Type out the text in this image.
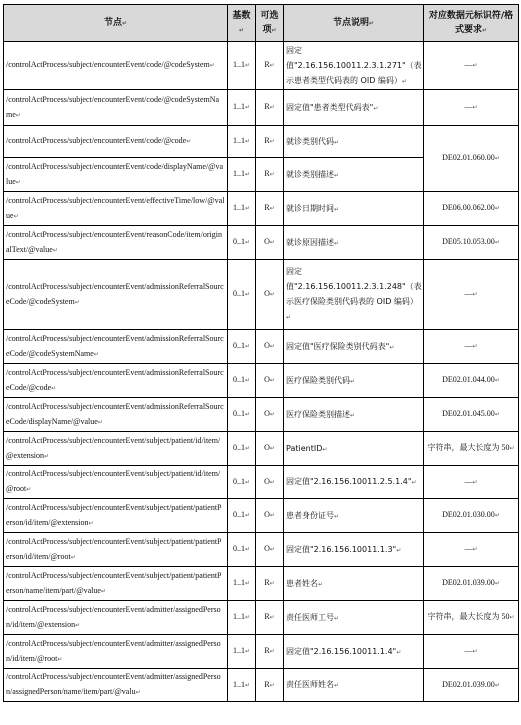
节点↵	基数↵	可选项↵	节点说明↵	对应数据元标识符/格式要求↵
/controlActProcess/subject/encounterEvent/code/@codeSystem↵	1..1↵	R↵	固定值"2.16.156.10011.2.3.1.271"（表示患者类型代码表的 OID 编码）↵	—↵
/controlActProcess/subject/encounterEvent/code/@codeSystemName↵	1..1↵	R↵	固定值"患者类型代码表"↵	—↵
/controlActProcess/subject/encounterEvent/code/@code↵	1..1↵	R↵	就诊类别代码↵	DE02.01.060.00↵
/controlActProcess/subject/encounterEvent/code/displayName/@value↵	1..1↵	R↵	就诊类别描述↵	
/controlActProcess/subject/encounterEvent/effectiveTime/low/@value↵	1..1↵	R↵	就诊日期时间↵	DE06.00.062.00↵
/controlActProcess/subject/encounterEvent/reasonCode/item/originalText/@value↵	0..1↵	O↵	就诊原因描述↵	DE05.10.053.00↵
/controlActProcess/subject/encounterEvent/admissionReferralSourceCode/@codeSystem↵	0..1↵	O↵	固定值"2.16.156.10011.2.3.1.248"（表示医疗保险类别代码表的 OID 编码）↵	—↵
/controlActProcess/subject/encounterEvent/admissionReferralSourceCode/@codeSystemName↵	0..1↵	O↵	固定值"医疗保险类别代码表"↵	—↵
/controlActProcess/subject/encounterEvent/admissionReferralSourceCode/@code↵	0..1↵	O↵	医疗保险类别代码↵	DE02.01.044.00↵
/controlActProcess/subject/encounterEvent/admissionReferralSourceCode/displayName/@value↵	0..1↵	O↵	医疗保险类别描述↵	DE02.01.045.00↵
/controlActProcess/subject/encounterEvent/subject/patient/id/item/@extension↵	0..1↵	O↵	PatientID↵	字符串，最大长度为 50↵
/controlActProcess/subject/encounterEvent/subject/patient/id/item/@root↵	0..1↵	O↵	固定值"2.16.156.10011.2.5.1.4"↵	—↵
/controlActProcess/subject/encounterEvent/subject/patient/patientPerson/id/item/@extension↵	0..1↵	O↵	患者身份证号↵	DE02.01.030.00↵
/controlActProcess/subject/encounterEvent/subject/patient/patientPerson/id/item/@root↵	0..1↵	O↵	固定值"2.16.156.10011.1.3"↵	—↵
/controlActProcess/subject/encounterEvent/subject/patient/patientPerson/name/item/part/@value↵	1..1↵	R↵	患者姓名↵	DE02.01.039.00↵
/controlActProcess/subject/encounterEvent/admitter/assignedPerson/id/item/@extension↵	1..1↵	R↵	责任医师工号↵	字符串，最大长度为 50↵
/controlActProcess/subject/encounterEvent/admitter/assignedPerson/id/item/@root↵	1..1↵	R↵	固定值"2.16.156.10011.1.4"↵	—↵
/controlActProcess/subject/encounterEvent/admitter/assignedPerson/assignedPerson/name/item/part/@valu↵	1..1↵	R↵	责任医师姓名↵	DE02.01.039.00↵
